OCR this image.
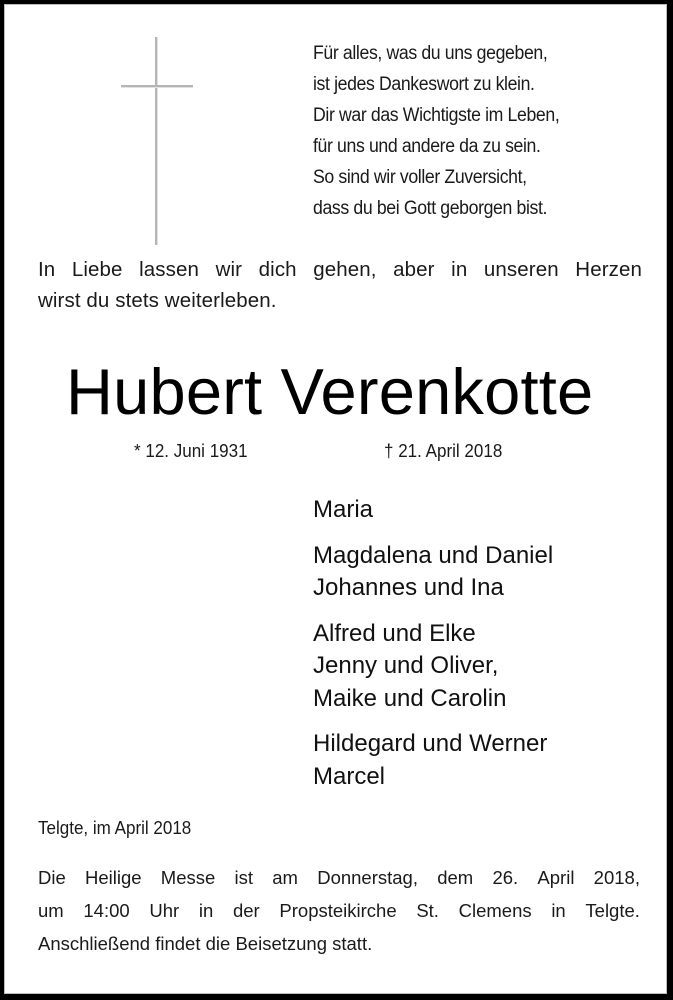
Für alles, was du uns gegeben,
ist jedes Dankeswort zu klein.
Dir war das Wichtigste im Leben,
für uns und andere da zu sein.
So sind wir voller Zuversicht,
dass du bei Gott geborgen bist.
In Liebe lassen wir dich gehen, aber in unseren Herzen
wirst du stets weiterleben.
Hubert Verenkotte
* 12. Juni 1931	† 21. April 2018
Maria
Magdalena und Daniel
Johannes und Ina
Alfred und Elke
Jenny und Oliver,
Maike und Carolin
Hildegard und Werner
Marcel
Telgte, im April 2018
Die Heilige Messe ist am Donnerstag, dem 26. April 2018,
um 14:00 Uhr in der Propsteikirche St. Clemens in Telgte.
Anschließend findet die Beisetzung statt.
